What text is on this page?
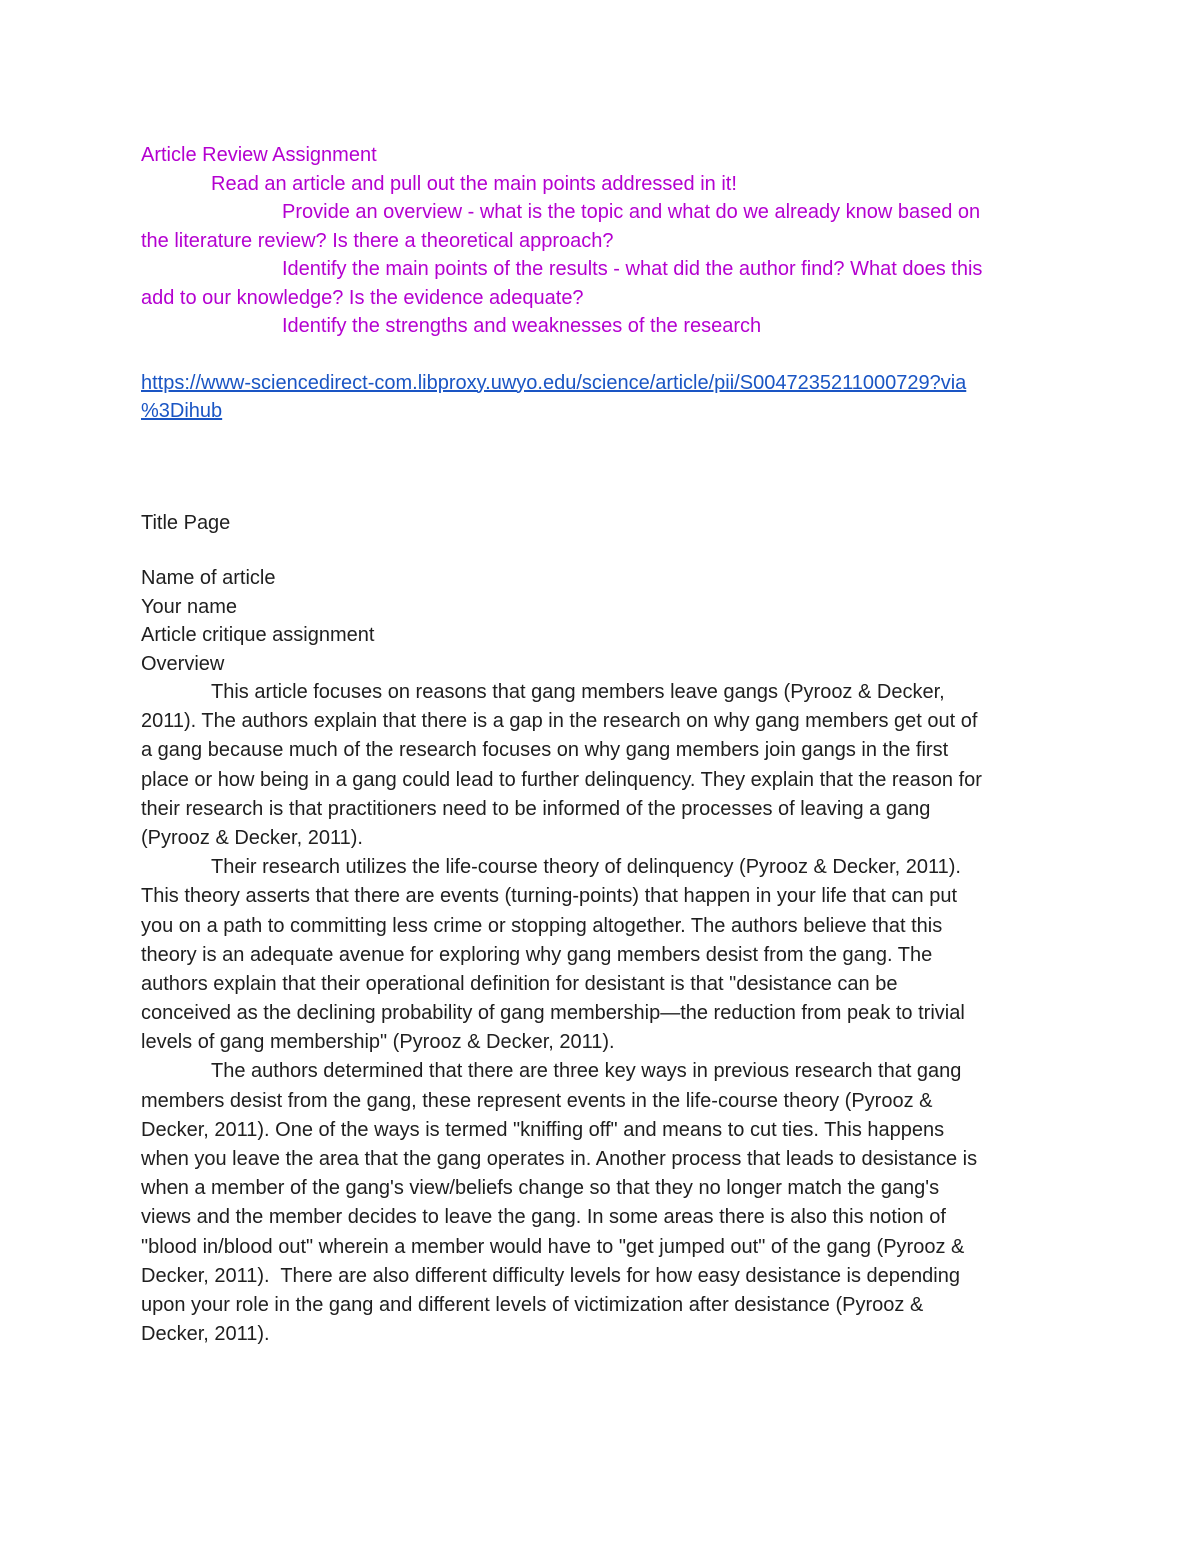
Article Review Assignment
Read an article and pull out the main points addressed in it!
Provide an overview - what is the topic and what do we already know based on
the literature review? Is there a theoretical approach?
Identify the main points of the results - what did the author find? What does this
add to our knowledge? Is the evidence adequate?
Identify the strengths and weaknesses of the research
https://www-sciencedirect-com.libproxy.uwyo.edu/science/article/pii/S0047235211000729?via
%3Dihub
Title Page
Name of article
Your name
Article critique assignment
Overview
This article focuses on reasons that gang members leave gangs (Pyrooz & Decker,
2011). The authors explain that there is a gap in the research on why gang members get out of
a gang because much of the research focuses on why gang members join gangs in the first
place or how being in a gang could lead to further delinquency. They explain that the reason for
their research is that practitioners need to be informed of the processes of leaving a gang
(Pyrooz & Decker, 2011).
Their research utilizes the life-course theory of delinquency (Pyrooz & Decker, 2011).
This theory asserts that there are events (turning-points) that happen in your life that can put
you on a path to committing less crime or stopping altogether. The authors believe that this
theory is an adequate avenue for exploring why gang members desist from the gang. The
authors explain that their operational definition for desistant is that "desistance can be
conceived as the declining probability of gang membership—the reduction from peak to trivial
levels of gang membership" (Pyrooz & Decker, 2011).
The authors determined that there are three key ways in previous research that gang
members desist from the gang, these represent events in the life-course theory (Pyrooz &
Decker, 2011). One of the ways is termed "kniffing off" and means to cut ties. This happens
when you leave the area that the gang operates in. Another process that leads to desistance is
when a member of the gang's view/beliefs change so that they no longer match the gang's
views and the member decides to leave the gang. In some areas there is also this notion of
"blood in/blood out" wherein a member would have to "get jumped out" of the gang (Pyrooz &
Decker, 2011).  There are also different difficulty levels for how easy desistance is depending
upon your role in the gang and different levels of victimization after desistance (Pyrooz &
Decker, 2011).
